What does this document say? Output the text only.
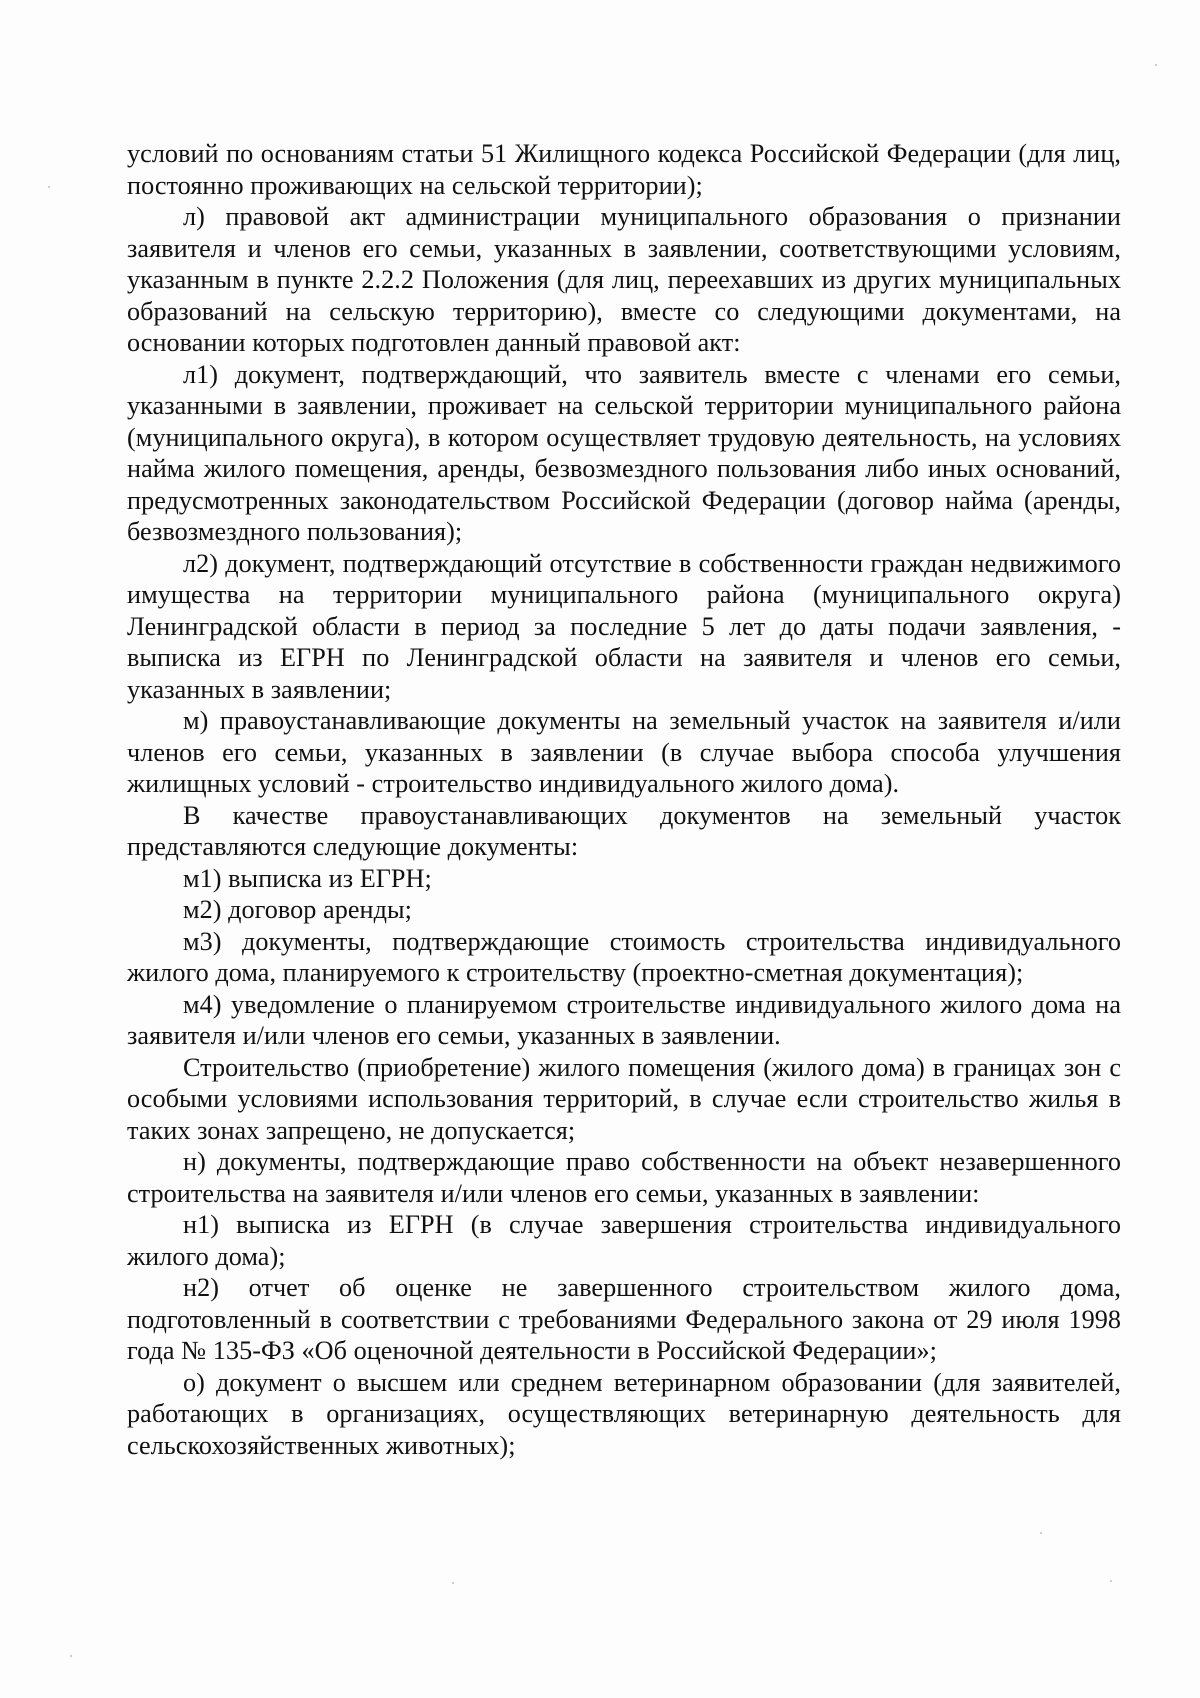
условий по основаниям статьи 51 Жилищного кодекса Российской Федерации (для лиц, постоянно проживающих на сельской территории);

л) правовой акт администрации муниципального образования о признании заявителя и членов его семьи, указанных в заявлении, соответствующими условиям, указанным в пункте 2.2.2 Положения (для лиц, переехавших из других муниципальных образований на сельскую территорию), вместе со следующими документами, на основании которых подготовлен данный правовой акт:

л1) документ, подтверждающий, что заявитель вместе с членами его семьи, указанными в заявлении, проживает на сельской территории муниципального района (муниципального округа), в котором осуществляет трудовую деятельность, на условиях найма жилого помещения, аренды, безвозмездного пользования либо иных оснований, предусмотренных законодательством Российской Федерации (договор найма (аренды, безвозмездного пользования);

л2) документ, подтверждающий отсутствие в собственности граждан недвижимого имущества на территории муниципального района (муниципального округа) Ленинградской области в период за последние 5 лет до даты подачи заявления, - выписка из ЕГРН по Ленинградской области на заявителя и членов его семьи, указанных в заявлении;

м) правоустанавливающие документы на земельный участок на заявителя и/или членов его семьи, указанных в заявлении (в случае выбора способа улучшения жилищных условий - строительство индивидуального жилого дома).

В качестве правоустанавливающих документов на земельный участок представляются следующие документы:

м1) выписка из ЕГРН;

м2) договор аренды;

м3) документы, подтверждающие стоимость строительства индивидуального жилого дома, планируемого к строительству (проектно-сметная документация);

м4) уведомление о планируемом строительстве индивидуального жилого дома на заявителя и/или членов его семьи, указанных в заявлении.

Строительство (приобретение) жилого помещения (жилого дома) в границах зон с особыми условиями использования территорий, в случае если строительство жилья в таких зонах запрещено, не допускается;

н) документы, подтверждающие право собственности на объект незавершенного строительства на заявителя и/или членов его семьи, указанных в заявлении:

н1) выписка из ЕГРН (в случае завершения строительства индивидуального жилого дома);

н2) отчет об оценке не завершенного строительством жилого дома, подготовленный в соответствии с требованиями Федерального закона от 29 июля 1998 года № 135-ФЗ «Об оценочной деятельности в Российской Федерации»;

о) документ о высшем или среднем ветеринарном образовании (для заявителей, работающих в организациях, осуществляющих ветеринарную деятельность для сельскохозяйственных животных);
